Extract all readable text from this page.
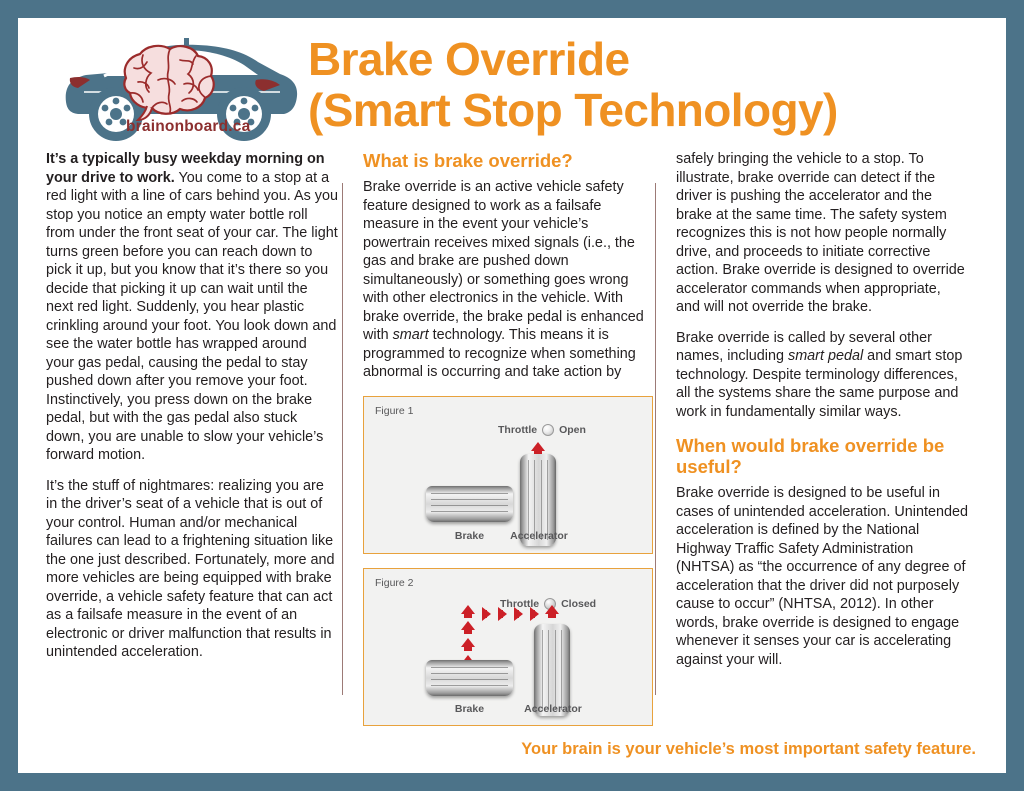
brainonboard.ca
Brake Override
(Smart Stop Technology)

It’s a typically busy weekday morning on your drive to work. You come to a stop at a red light with a line of cars behind you. As you stop you notice an empty water bottle roll from under the front seat of your car. The light turns green before you can reach down to pick it up, but you know that it’s there so you decide that picking it up can wait until the next red light. Suddenly, you hear plastic crinkling around your foot. You look down and see the water bottle has wrapped around your gas pedal, causing the pedal to stay pushed down after you remove your foot. Instinctively, you press down on the brake pedal, but with the gas pedal also stuck down, you are unable to slow your vehicle’s forward motion.

It’s the stuff of nightmares: realizing you are in the driver’s seat of a vehicle that is out of your control. Human and/or mechanical failures can lead to a frightening situation like the one just described. Fortunately, more and more vehicles are being equipped with brake override, a vehicle safety feature that can act as a failsafe measure in the event of an electronic or driver malfunction that results in unintended acceleration.

What is brake override?

Brake override is an active vehicle safety feature designed to work as a failsafe measure in the event your vehicle’s powertrain receives mixed signals (i.e., the gas and brake are pushed down simultaneously) or something goes wrong with other electronics in the vehicle. With brake override, the brake pedal is enhanced with smart technology. This means it is programmed to recognize when something abnormal is occurring and take action by

Figure 1
Throttle Open
Brake	Accelerator
Figure 2
Throttle Closed
Brake	Accelerator

safely bringing the vehicle to a stop. To illustrate, brake override can detect if the driver is pushing the accelerator and the brake at the same time. The safety system recognizes this is not how people normally drive, and proceeds to initiate corrective action. Brake override is designed to override accelerator commands when appropriate, and will not override the brake.

Brake override is called by several other names, including smart pedal and smart stop technology. Despite terminology differences, all the systems share the same purpose and work in fundamentally similar ways.

When would brake override be useful?

Brake override is designed to be useful in cases of unintended acceleration. Unintended acceleration is defined by the National Highway Traffic Safety Administration (NHTSA) as “the occurrence of any degree of acceleration that the driver did not purposely cause to occur” (NHTSA, 2012). In other words, brake override is designed to engage whenever it senses your car is accelerating against your will.

Your brain is your vehicle’s most important safety feature.
